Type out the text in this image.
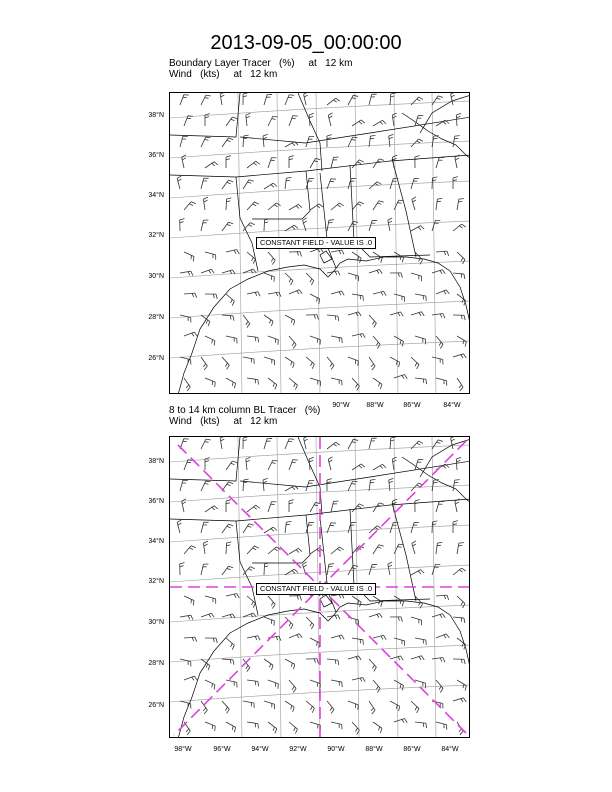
2013-09-05_00:00:00
Boundary Layer Tracer   (%)     at   12 km
Wind   (kts)     at   12 km
CONSTANT FIELD - VALUE IS .0
38°N
36°N
34°N
32°N
30°N
28°N
26°N
90°W	88°W	86°W	84°W
8 to 14 km column BL Tracer   (%)
Wind   (kts)     at   12 km
CONSTANT FIELD - VALUE IS .0
38°N
36°N
34°N
32°N
30°N
28°N
26°N
98°W	96°W	94°W	92°W	90°W	88°W	86°W	84°W
